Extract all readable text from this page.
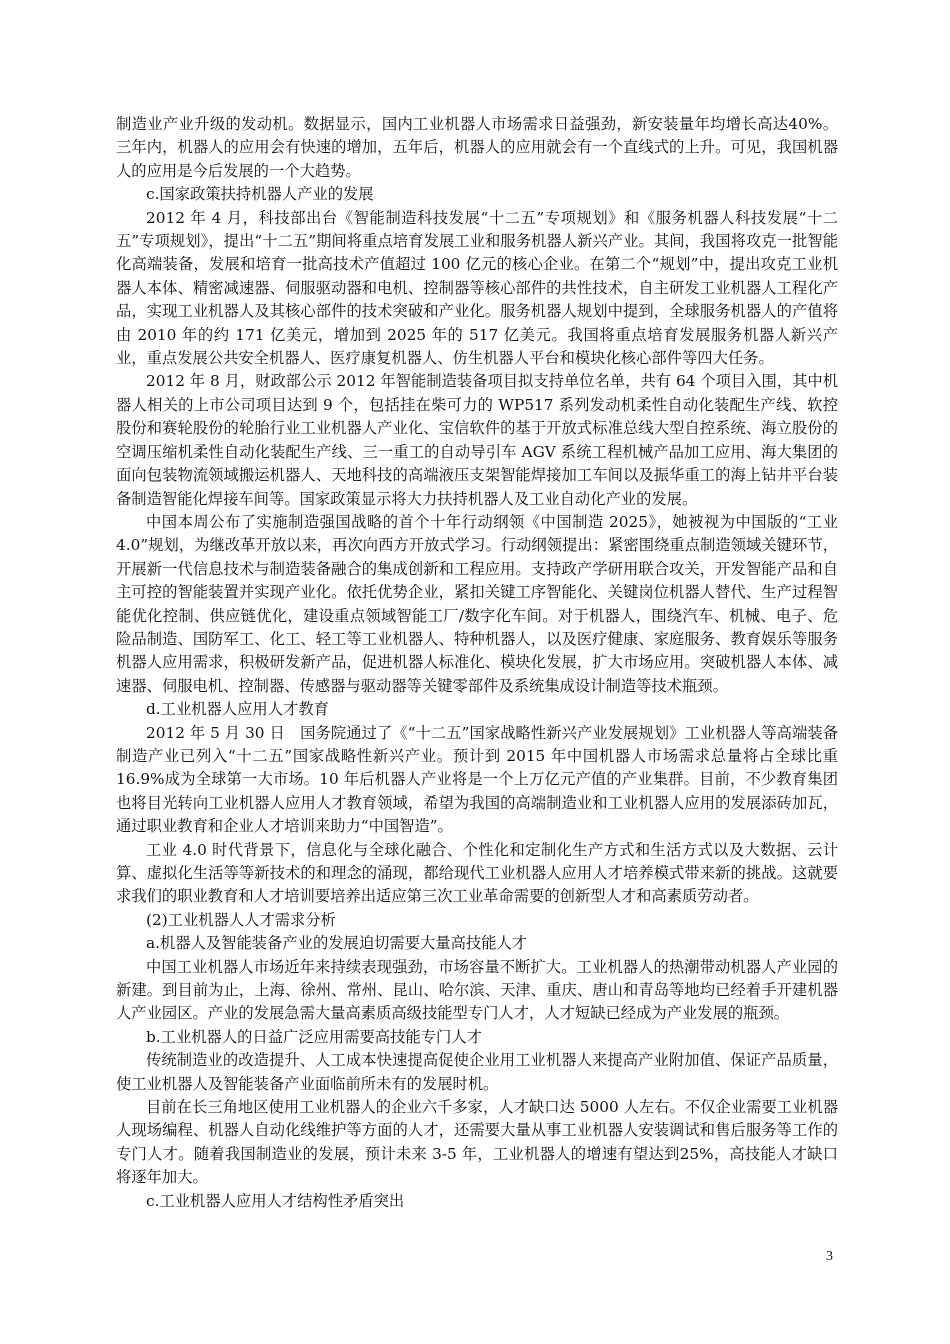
制造业产业升级的发动机。数据显示，国内工业机器人市场需求日益强劲，新安装量年均增长高达40%。三年内，机器人的应用会有快速的增加，五年后，机器人的应用就会有一个直线式的上升。可见，我国机器人的应用是今后发展的一个大趋势。

c.国家政策扶持机器人产业的发展

2012 年 4 月，科技部出台《智能制造科技发展“十二五”专项规划》和《服务机器人科技发展“十二五”专项规划》，提出“十二五”期间将重点培育发展工业和服务机器人新兴产业。其间，我国将攻克一批智能化高端装备，发展和培育一批高技术产值超过 100 亿元的核心企业。在第二个“规划”中，提出攻克工业机器人本体、精密减速器、伺服驱动器和电机、控制器等核心部件的共性技术，自主研发工业机器人工程化产品，实现工业机器人及其核心部件的技术突破和产业化。服务机器人规划中提到，全球服务机器人的产值将由 2010 年的约 171 亿美元，增加到 2025 年的 517 亿美元。我国将重点培育发展服务机器人新兴产业，重点发展公共安全机器人、医疗康复机器人、仿生机器人平台和模块化核心部件等四大任务。

2012 年 8 月，财政部公示 2012 年智能制造装备项目拟支持单位名单，共有 64 个项目入围，其中机器人相关的上市公司项目达到 9 个，包括挂在柴可力的 WP517 系列发动机柔性自动化装配生产线、软控股份和赛轮股份的轮胎行业工业机器人产业化、宝信软件的基于开放式标准总线大型自控系统、海立股份的空调压缩机柔性自动化装配生产线、三一重工的自动导引车 AGV 系统工程机械产品加工应用、海大集团的面向包装物流领域搬运机器人、天地科技的高端液压支架智能焊接加工车间以及振华重工的海上钻井平台装备制造智能化焊接车间等。国家政策显示将大力扶持机器人及工业自动化产业的发展。

中国本周公布了实施制造强国战略的首个十年行动纲领《中国制造 2025》，她被视为中国版的“工业 4.0”规划，为继改革开放以来，再次向西方开放式学习。行动纲领提出：紧密围绕重点制造领域关键环节，开展新一代信息技术与制造装备融合的集成创新和工程应用。支持政产学研用联合攻关，开发智能产品和自主可控的智能装置并实现产业化。依托优势企业，紧扣关键工序智能化、关键岗位机器人替代、生产过程智能优化控制、供应链优化，建设重点领域智能工厂/数字化车间。对于机器人，围绕汽车、机械、电子、危险品制造、国防军工、化工、轻工等工业机器人、特种机器人，以及医疗健康、家庭服务、教育娱乐等服务机器人应用需求，积极研发新产品，促进机器人标准化、模块化发展，扩大市场应用。突破机器人本体、减速器、伺服电机、控制器、传感器与驱动器等关键零部件及系统集成设计制造等技术瓶颈。

d.工业机器人应用人才教育

2012 年 5 月 30 日　国务院通过了《“十二五”国家战略性新兴产业发展规划》工业机器人等高端装备制造产业已列入“十二五”国家战略性新兴产业。预计到 2015 年中国机器人市场需求总量将占全球比重 16.9%成为全球第一大市场。10 年后机器人产业将是一个上万亿元产值的产业集群。目前，不少教育集团也将目光转向工业机器人应用人才教育领域，希望为我国的高端制造业和工业机器人应用的发展添砖加瓦，通过职业教育和企业人才培训来助力“中国智造”。

工业 4.0 时代背景下，信息化与全球化融合、个性化和定制化生产方式和生活方式以及大数据、云计算、虚拟化生活等等新技术的和理念的涌现，都给现代工业机器人应用人才培养模式带来新的挑战。这就要求我们的职业教育和人才培训要培养出适应第三次工业革命需要的创新型人才和高素质劳动者。

(2)工业机器人人才需求分析

a.机器人及智能装备产业的发展迫切需要大量高技能人才

中国工业机器人市场近年来持续表现强劲，市场容量不断扩大。工业机器人的热潮带动机器人产业园的新建。到目前为止，上海、徐州、常州、昆山、哈尔滨、天津、重庆、唐山和青岛等地均已经着手开建机器人产业园区。产业的发展急需大量高素质高级技能型专门人才，人才短缺已经成为产业发展的瓶颈。

b.工业机器人的日益广泛应用需要高技能专门人才

传统制造业的改造提升、人工成本快速提高促使企业用工业机器人来提高产业附加值、保证产品质量，使工业机器人及智能装备产业面临前所未有的发展时机。

目前在长三角地区使用工业机器人的企业六千多家，人才缺口达 5000 人左右。不仅企业需要工业机器人现场编程、机器人自动化线维护等方面的人才，还需要大量从事工业机器人安装调试和售后服务等工作的专门人才。随着我国制造业的发展，预计未来 3-5 年，工业机器人的增速有望达到25%，高技能人才缺口将逐年加大。

c.工业机器人应用人才结构性矛盾突出

3
